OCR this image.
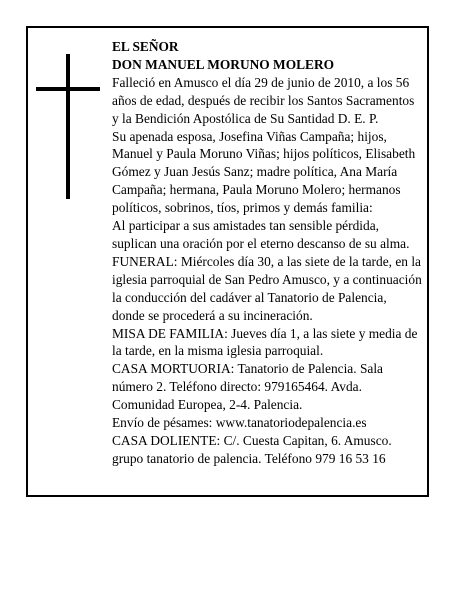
EL SEÑOR

DON MANUEL MORUNO MOLERO

Falleció en Amusco el día 29 de junio de 2010, a los 56 años de edad, después de recibir los Santos Sacramentos y la Bendición Apostólica de Su Santidad D. E. P.

Su apenada esposa, Josefina Viñas Campaña; hijos, Manuel y Paula Moruno Viñas; hijos políticos, Elisabeth Gómez y Juan Jesús Sanz; madre política, Ana María Campaña; hermana, Paula Moruno Molero; hermanos políticos, sobrinos, tíos, primos y demás familia:

Al participar a sus amistades tan sensible pérdida, suplican una oración por el eterno descanso de su alma.

FUNERAL: Miércoles día 30, a las siete de la tarde, en la iglesia parroquial de San Pedro Amusco, y a continuación la conducción del cadáver al Tanatorio de Palencia, donde se procederá a su incineración.

MISA DE FAMILIA: Jueves día 1, a las siete y media de la tarde, en la misma iglesia parroquial.

CASA MORTUORIA: Tanatorio de Palencia. Sala número 2. Teléfono directo: 979165464. Avda. Comunidad Europea, 2-4. Palencia.

Envío de pésames: www.tanatoriodepalencia.es

CASA DOLIENTE: C/. Cuesta Capitan, 6. Amusco. grupo tanatorio de palencia. Teléfono 979 16 53 16
